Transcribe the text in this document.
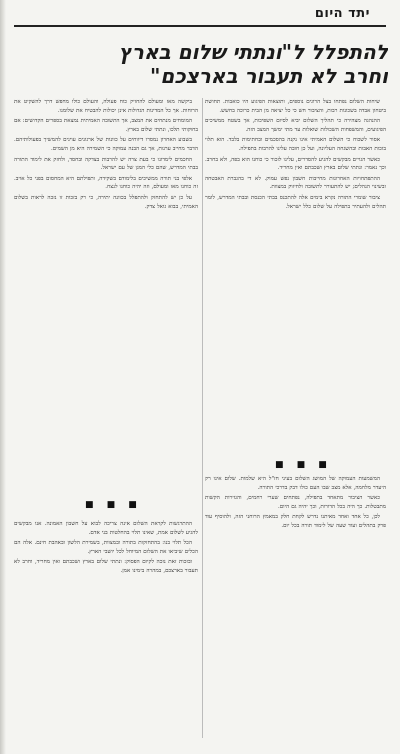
יתד היום
להתפלל ל"ונתתי שלום בארץ
וחרב לא תעבור בארצכם"

שיחות השלום נפתחו בצל הרוגים נוספים, ותוצאות הפיגוע היו כואבות. תחושת ביטחון אבדה בשכונות רבות, והציבור חש כי כל יציאה מן הבית כרוכה בחשש.

ההנהגה מצהירה כי תהליך השלום יביא לסיום השפיכות, אך בשטח ממשיכים הפיגועים, והמשפחות השכולות שואלות עד מתי ימשך המצב הזה.

אסור לשכוח כי השלום האמיתי אינו נקנה בהסכמים ובחתימות בלבד. הוא תלוי בזכות האבות ובהשגחה העליונה, ועל כן חובה עלינו להרבות בתפילה.

כאשר הגויים מבקשים להגיע להסדרים, עלינו לזכור כי כוחנו הוא בפה, ולא בחרב. וכך נאמר: ונתתי שלום בארץ ושכבתם ואין מחריד.

ההתפתחויות האחרונות מחייבות חשבון נפש עמוק. לא די בהגברת האבטחה ובשינוי הנהלים; יש להתעורר לתשובה ולחיזוק במצוות.

ציבור שומרי התורה נקרא בימים אלה להתכנס בבתי הכנסת ובבתי המדרש, לומר תהלים ולהעתיר בתפילה על שלום כלל ישראל.

ביקשה מאז ומעולם להחזיק כוח פעולה, והעולם כולו מחפש דרך להשקיט את הרוחות. אך כל המדינות הגדולות אינן יכולות להבטיח את שלומנו.

המומחים מנתחים את המצב, אך התשובה האמיתית נמצאת בספרים הקדושים: אם בחוקותי תלכו, ונתתי שלום בארץ.

בשבוע האחרון נמסרו דיווחים על כוונות של ארגונים עוינים להמשיך בפעולותיהם. הדבר מחייב ערנות, אך גם הבנה עמוקה כי השמירה היא מן השמים.

החכמים לימדונו כי בעת צרה יש להרבות בצדקה ובחסד, ולחזק את לימוד התורה בבתי המדרש, שהם כלי המגן של עם ישראל.

אלפי בני תורה ממשיכים בלימודם בשקידה, ותפילתם היא המחסום בפני כל אויב. זה כוחנו מאז ומעולם, וזה יהיה כוחנו לנצח.

על כן יש להתחזק ולהתפלל בכוונה יתירה, כי רק בזכות זו נזכה לראות בשלום האמיתי, בבוא גואל צדק.

■ ■ ■
■ ■ ■

המשמעות העמוקה של המושג השלום בעיני חז"ל היא שלמות. שלום אינו רק היעדר מלחמה, אלא מצב שבו העם כולו דבק בדרכי התורה.

כאשר הציבור מתאחד בתפילה, נפתחים שערי רחמים, והגזירות הקשות מתבטלות. כך היה בכל הדורות, וכך יהיה גם היום.

לכן, כל אחד ואחד מאיתנו נדרש לקחת חלק במאמץ הרוחני הזה, ולהוסיף עוד פרק בתהלים ועוד שעה של לימוד תורה בכל יום.

ההתרגשות לקראת השלום אינה צריכה לבוא על חשבון האמונה. אנו מבקשים להגיע לשלום אמת, שאינו תלוי בהחלטות בני אדם.

הכל תלוי בנו: בהתחזקות בתורה ובמצוות, בשמירת הלשון ובאהבת חינם. אלה הם הכלים שיביאו את השלום המיוחל לכל יושבי הארץ.

ובזכות זאת נזכה לקיום הפסוק: ונתתי שלום בארץ ושכבתם ואין מחריד, וחרב לא תעבור בארצכם, במהרה בימינו אמן.
